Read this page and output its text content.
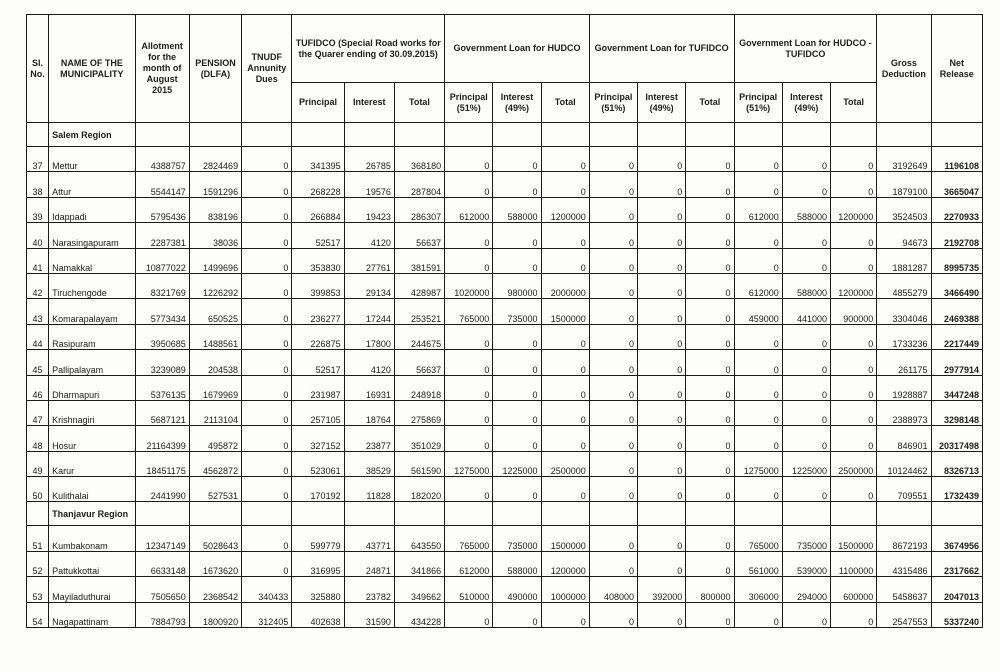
Sl. No.	NAME OF THE MUNICIPALITY	Allotment for the month of August 2015	PENSION (DLFA)	TNUDF Annunity Dues	TUFIDCO (Special Road works for the Quarer ending of 30.09.2015)			Government Loan for HUDCO			Government Loan for TUFIDCO			Government Loan for HUDCO - TUFIDCO			Gross Deduction	Net Release
					Principal	Interest	Total	Principal (51%)	Interest (49%)	Total	Principal (51%)	Interest (49%)	Total	Principal (51%)	Interest (49%)	Total		
	Salem Region																	
37	Mettur	4388757	2824469	0	341395	26785	368180	0	0	0	0	0	0	0	0	0	3192649	1196108
38	Attur	5544147	1591296	0	268228	19576	287804	0	0	0	0	0	0	0	0	0	1879100	3665047
39	Idappadi	5795436	838196	0	266884	19423	286307	612000	588000	1200000	0	0	0	612000	588000	1200000	3524503	2270933
40	Narasingapuram	2287381	38036	0	52517	4120	56637	0	0	0	0	0	0	0	0	0	94673	2192708
41	Namakkal	10877022	1499696	0	353830	27761	381591	0	0	0	0	0	0	0	0	0	1881287	8995735
42	Tiruchengode	8321769	1226292	0	399853	29134	428987	1020000	980000	2000000	0	0	0	612000	588000	1200000	4855279	3466490
43	Komarapalayam	5773434	650525	0	236277	17244	253521	765000	735000	1500000	0	0	0	459000	441000	900000	3304046	2469388
44	Rasipuram	3950685	1488561	0	226875	17800	244675	0	0	0	0	0	0	0	0	0	1733236	2217449
45	Pallipalayam	3239089	204538	0	52517	4120	56637	0	0	0	0	0	0	0	0	0	261175	2977914
46	Dharmapuri	5376135	1679969	0	231987	16931	248918	0	0	0	0	0	0	0	0	0	1928887	3447248
47	Krishnagiri	5687121	2113104	0	257105	18764	275869	0	0	0	0	0	0	0	0	0	2388973	3298148
48	Hosur	21164399	495872	0	327152	23877	351029	0	0	0	0	0	0	0	0	0	846901	20317498
49	Karur	18451175	4562872	0	523061	38529	561590	1275000	1225000	2500000	0	0	0	1275000	1225000	2500000	10124462	8326713
50	Kulithalai	2441990	527531	0	170192	11828	182020	0	0	0	0	0	0	0	0	0	709551	1732439
	Thanjavur Region																	
51	Kumbakonam	12347149	5028643	0	599779	43771	643550	765000	735000	1500000	0	0	0	765000	735000	1500000	8672193	3674956
52	Pattukkottai	6633148	1673620	0	316995	24871	341866	612000	588000	1200000	0	0	0	561000	539000	1100000	4315486	2317662
53	Mayiladuthurai	7505650	2368542	340433	325880	23782	349662	510000	490000	1000000	408000	392000	800000	306000	294000	600000	5458637	2047013
54	Nagapattinam	7884793	1800920	312405	402638	31590	434228	0	0	0	0	0	0	0	0	0	2547553	5337240
